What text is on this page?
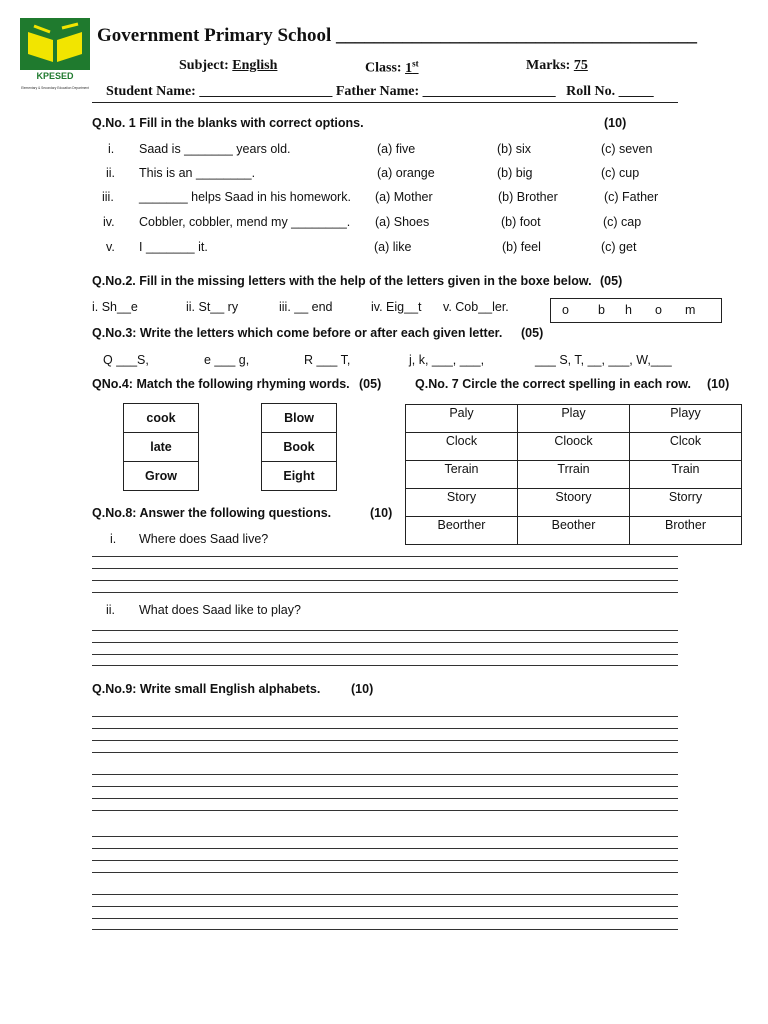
KPESED
Elementary & Secondary Education Department
Government Primary School ______________________________________
Subject: English	Class: 1st	Marks: 75
Student Name: ___________________ Father Name: ___________________ Roll No. _____
Q.No. 1 Fill in the blanks with correct options.	(10)
i. Saad is _______ years old.	(a) five	(b) six	(c) seven
ii. This is an ________.	(a) orange	(b) big	(c) cup
iii. _______ helps Saad in his homework. (a) Mother	(b) Brother	(c) Father
iv. Cobbler, cobbler, mend my ________. (a) Shoes	(b) foot	(c) cap
v. I _______ it.	(a) like	(b) feel	(c) get
Q.No.2. Fill in the missing letters with the help of the letters given in the boxe below. (05)
i. Sh__e	ii. St__ ry	iii. __ end	iv. Eig__t v. Cob__ler.	o b h o m
Q.No.3: Write the letters which come before or after each given letter. (05)
Q ___S,	e ___ g,	R ___ T,	j, k, ___, ___,	___ S, T, __, ___, W,___
QNo.4: Match the following rhyming words. (05)
cook
late
Grow
Blow
Book
Eight
Q.No. 7 Circle the correct spelling in each row. (10)
Paly	Play	Playy
Clock	Cloock	Clcok
Terain	Trrain	Train
Story	Stoory	Storry
Beorther	Beother	Brother
Q.No.8: Answer the following questions.	(10)
i. Where does Saad live?
ii. What does Saad like to play?
Q.No.9: Write small English alphabets. (10)
